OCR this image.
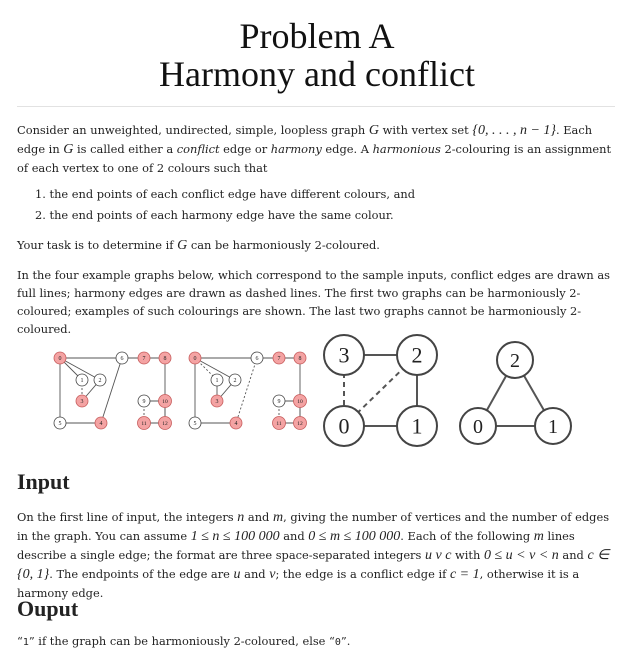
Problem A
Harmony and conflict

Consider an unweighted, undirected, simple, loopless graph G with vertex set {0, . . . , n − 1}. Each edge in G is called either a conflict edge or harmony edge. A harmonious 2-colouring is an assignment of each vertex to one of 2 colours such that

1. the end points of each conflict edge have different colours, and
2. the end points of each harmony edge have the same colour.

Your task is to determine if G can be harmoniously 2-coloured.

In the four example graphs below, which correspond to the sample inputs, conflict edges are drawn as full lines; harmony edges are drawn as dashed lines. The first two graphs can be harmoniously 2-coloured; examples of such colourings are shown. The last two graphs cannot be harmoniously 2-coloured.

0
1	2
3
4
5
6	7	8
9	10
11	12
0
1	2
3
4
5
6	7	8
9	10
11	12
3	2
0	1	0
2
1
Input

On the first line of input, the integers n and m, giving the number of vertices and the number of edges in the graph. You can assume 1 ≤ n ≤ 100 000 and 0 ≤ m ≤ 100 000. Each of the following m lines describe a single edge; the format are three space-separated integers u v c with 0 ≤ u < v < n and c ∈ {0, 1}. The endpoints of the edge are u and v; the edge is a conflict edge if c = 1, otherwise it is a harmony edge.

Ouput

“1” if the graph can be harmoniously 2-coloured, else “0”.
